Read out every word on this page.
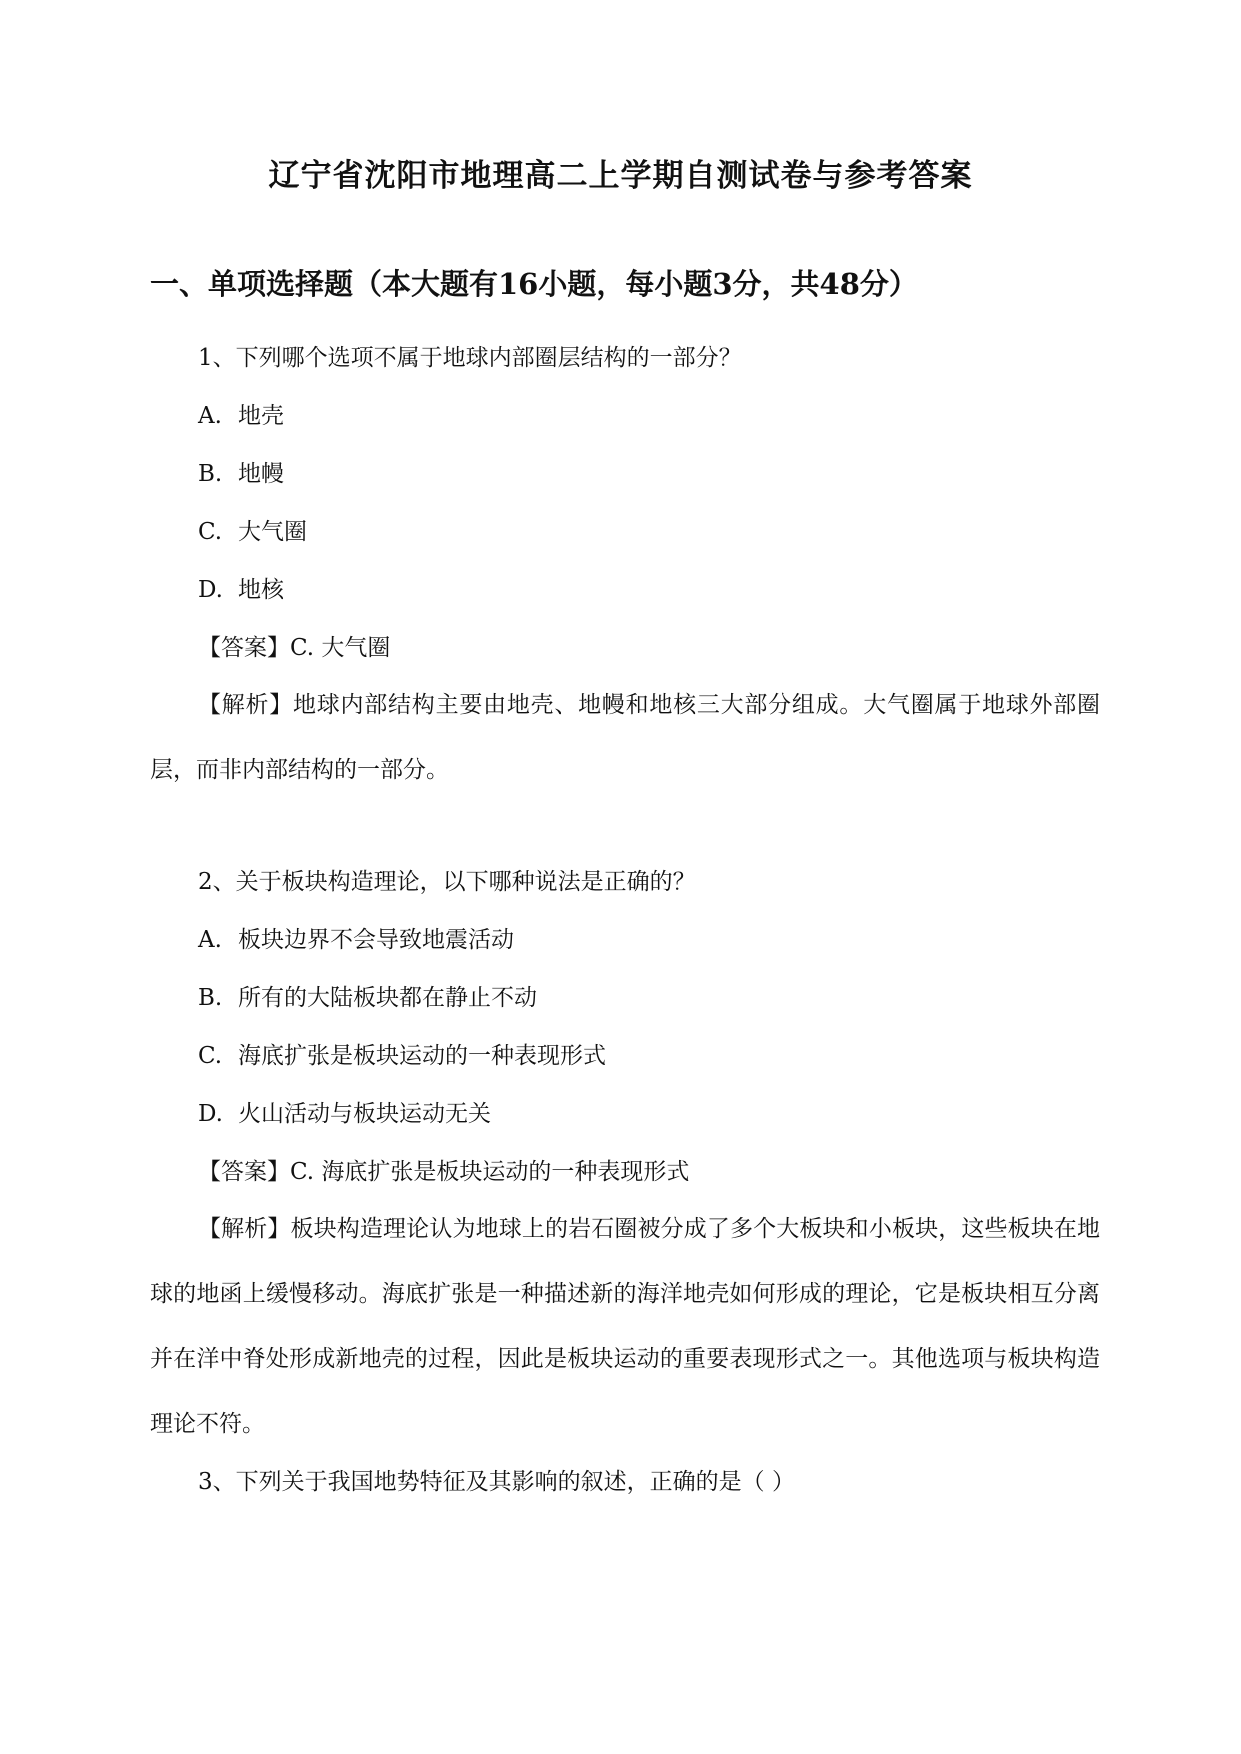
辽宁省沈阳市地理高二上学期自测试卷与参考答案
一、单项选择题（本大题有16小题，每小题3分，共48分）
1、下列哪个选项不属于地球内部圈层结构的一部分？
A. 地壳
B. 地幔
C. 大气圈
D. 地核
【答案】C. 大气圈
【解析】地球内部结构主要由地壳、地幔和地核三大部分组成。大气圈属于地球外部圈层，而非内部结构的一部分。
2、关于板块构造理论，以下哪种说法是正确的？
A. 板块边界不会导致地震活动
B. 所有的大陆板块都在静止不动
C. 海底扩张是板块运动的一种表现形式
D. 火山活动与板块运动无关
【答案】C. 海底扩张是板块运动的一种表现形式
【解析】板块构造理论认为地球上的岩石圈被分成了多个大板块和小板块，这些板块在地球的地函上缓慢移动。海底扩张是一种描述新的海洋地壳如何形成的理论，它是板块相互分离并在洋中脊处形成新地壳的过程，因此是板块运动的重要表现形式之一。其他选项与板块构造理论不符。
3、下列关于我国地势特征及其影响的叙述，正确的是（ ）
